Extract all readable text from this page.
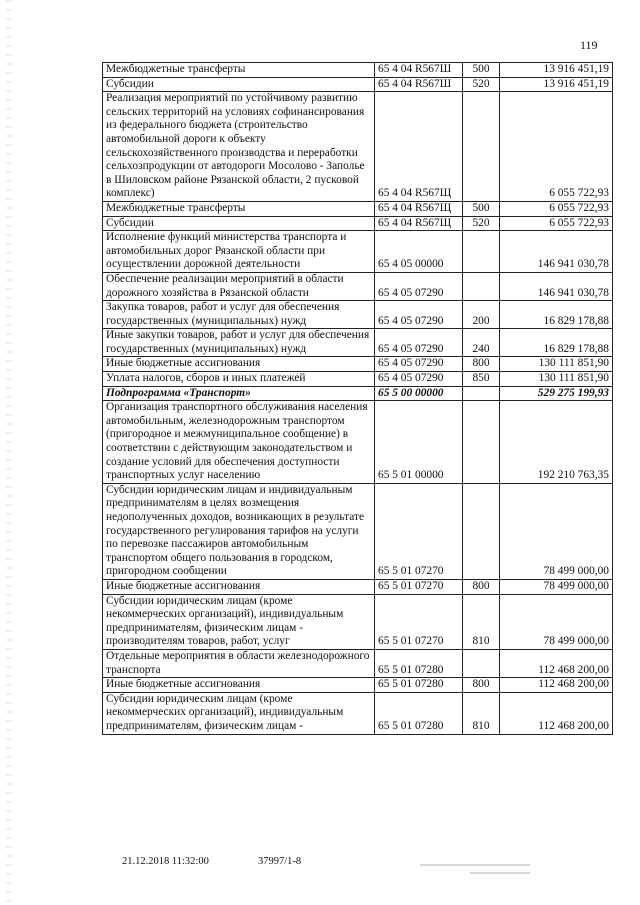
119
Межбюджетные трансферты	65 4 04 R567Ш	500	13 916 451,19
Субсидии	65 4 04 R567Ш	520	13 916 451,19
Реализация мероприятий по устойчивому развитию сельских территорий на условиях софинансирования из федерального бюджета (строительство автомобильной дороги к объекту сельскохозяйственного производства и переработки сельхозпродукции от автодороги Мосолово - Заполье в Шиловском районе Рязанской области, 2 пусковой комплекс)	65 4 04 R567Щ		6 055 722,93
Межбюджетные трансферты	65 4 04 R567Щ	500	6 055 722,93
Субсидии	65 4 04 R567Щ	520	6 055 722,93
Исполнение функций министерства транспорта и автомобильных дорог Рязанской области при осуществлении дорожной деятельности	65 4 05 00000		146 941 030,78
Обеспечение реализации мероприятий в области дорожного хозяйства в Рязанской области	65 4 05 07290		146 941 030,78
Закупка товаров, работ и услуг для обеспечения государственных (муниципальных) нужд	65 4 05 07290	200	16 829 178,88
Иные закупки товаров, работ и услуг для обеспечения государственных (муниципальных) нужд	65 4 05 07290	240	16 829 178,88
Иные бюджетные ассигнования	65 4 05 07290	800	130 111 851,90
Уплата налогов, сборов и иных платежей	65 4 05 07290	850	130 111 851,90
Подпрограмма «Транспорт»	65 5 00 00000		529 275 199,93
Организация транспортного обслуживания населения автомобильным, железнодорожным транспортом (пригородное и межмуниципальное сообщение) в соответствии с действующим законодательством и создание условий для обеспечения доступности транспортных услуг населению	65 5 01 00000		192 210 763,35
Субсидии юридическим лицам и индивидуальным предпринимателям в целях возмещения недополученных доходов, возникающих в результате государственного регулирования тарифов на услуги по перевозке пассажиров автомобильным транспортом общего пользования в городском, пригородном сообщении	65 5 01 07270		78 499 000,00
Иные бюджетные ассигнования	65 5 01 07270	800	78 499 000,00
Субсидии юридическим лицам (кроме некоммерческих организаций), индивидуальным предпринимателям, физическим лицам - производителям товаров, работ, услуг	65 5 01 07270	810	78 499 000,00
Отдельные мероприятия в области железнодорожного транспорта	65 5 01 07280		112 468 200,00
Иные бюджетные ассигнования	65 5 01 07280	800	112 468 200,00
Субсидии юридическим лицам (кроме некоммерческих организаций), индивидуальным предпринимателям, физическим лицам -	65 5 01 07280	810	112 468 200,00
21.12.2018 11:32:00	37997/1-8
